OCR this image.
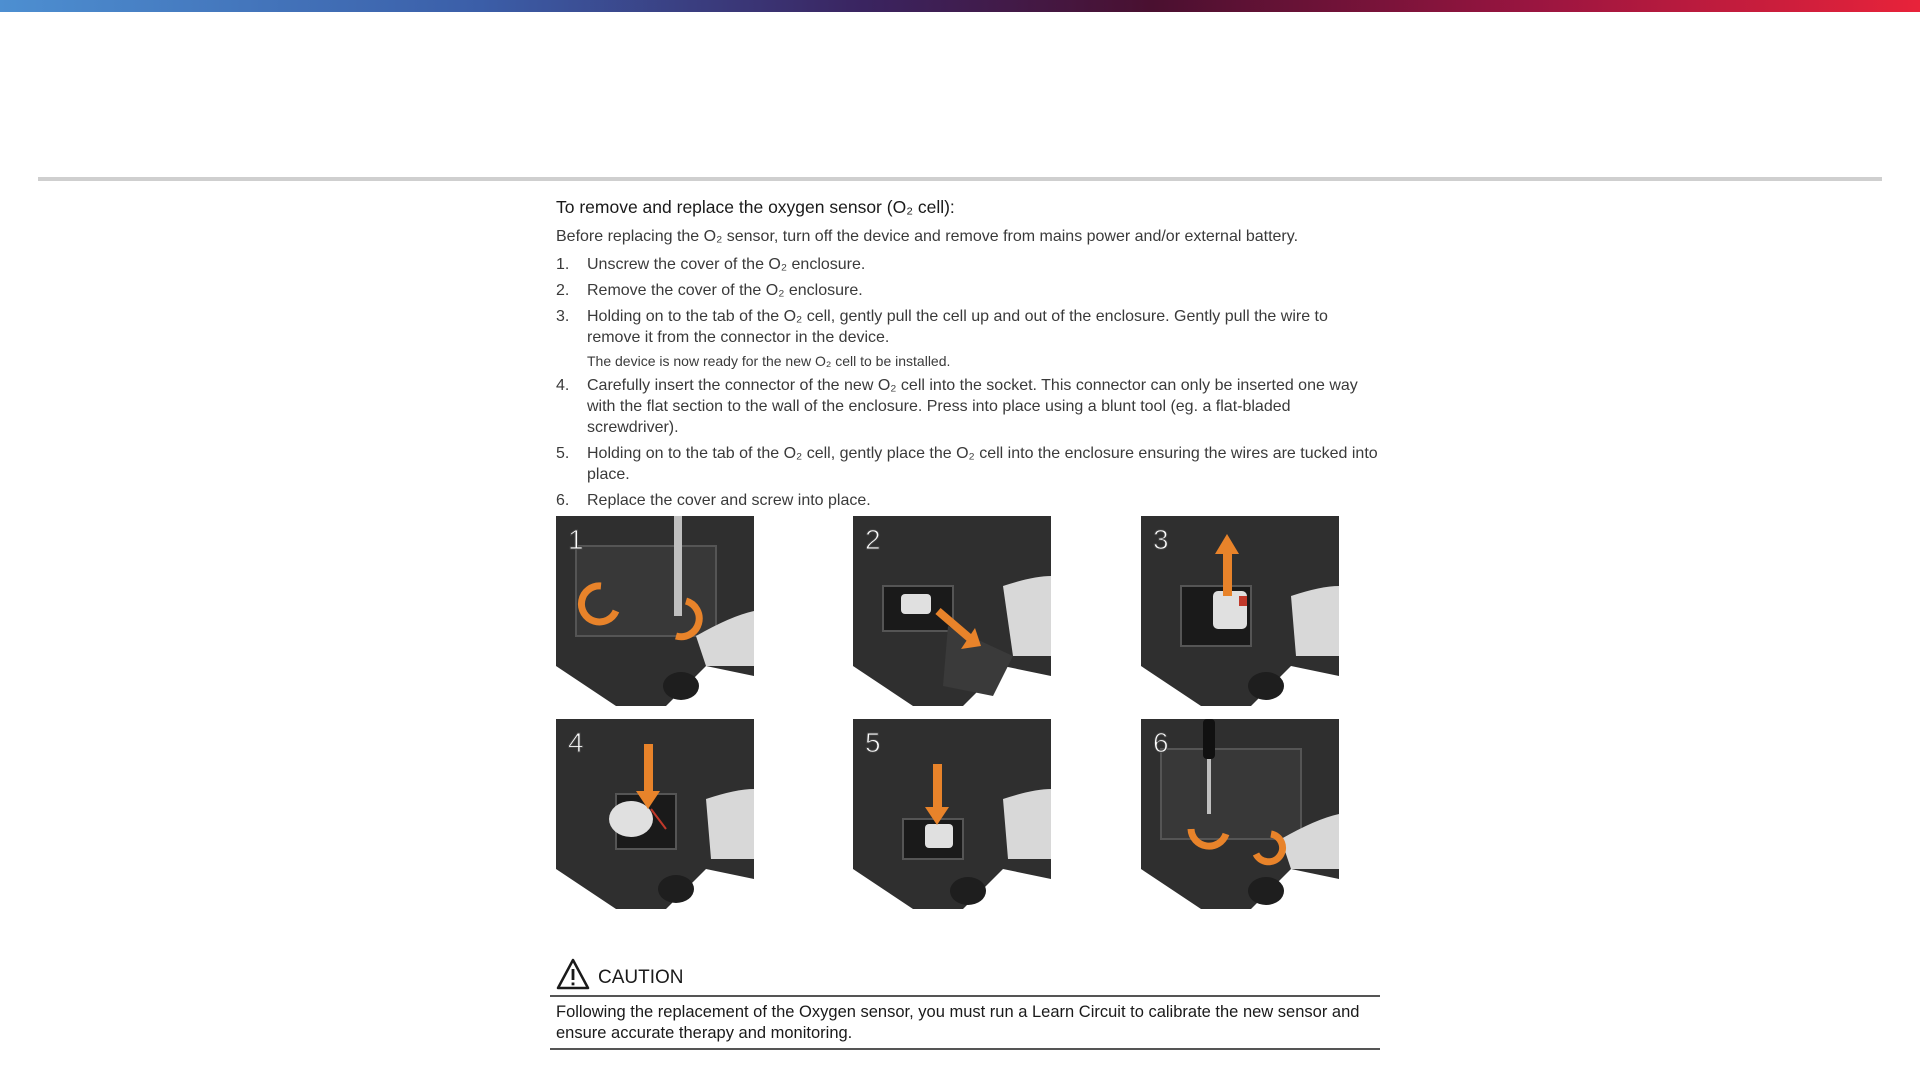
To remove and replace the oxygen sensor (O₂ cell):
Before replacing the O₂ sensor, turn off the device and remove from mains power and/or external battery.
1.	Unscrew the cover of the O₂ enclosure.
2.	Remove the cover of the O₂ enclosure.
3.	Holding on to the tab of the O₂ cell, gently pull the cell up and out of the enclosure. Gently pull the wire to remove it from the connector in the device.
The device is now ready for the new O₂ cell to be installed.
4.	Carefully insert the connector of the new O₂ cell into the socket. This connector can only be inserted one way with the flat section to the wall of the enclosure. Press into place using a blunt tool (eg. a flat-bladed screwdriver).
5.	Holding on to the tab of the O₂ cell, gently place the O₂ cell into the enclosure ensuring the wires are tucked into place.
6.	Replace the cover and screw into place.
1	2	3
4	5	6
CAUTION
Following the replacement of the Oxygen sensor, you must run a Learn Circuit to calibrate the new sensor and ensure accurate therapy and monitoring.
